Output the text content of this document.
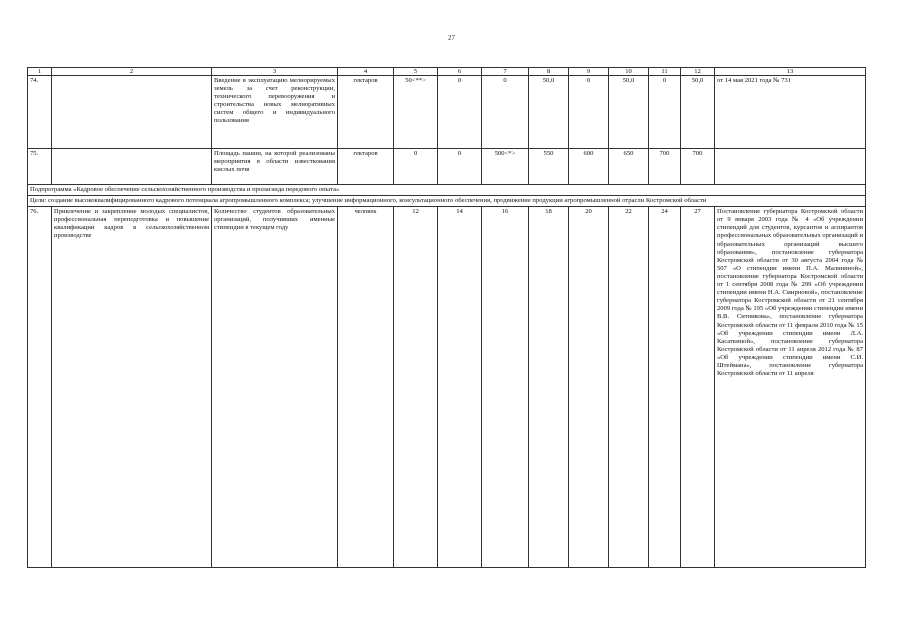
27
1	2	3	4	5	6	7	8	9	10	11	12	13
74.		Введение в эксплуатацию мелиорируемых земель за счет реконструкции, технического перевооружения и строительства новых мелиоративных систем общего и индивидуального пользования	гектаров	50<**>	0	0	50,0	0	50,0	0	50,0	от 14 мая 2021 года № 731
75.		Площадь пашни, на которой реализованы мероприятия в области известкования кислых почв	гектаров	0	0	500<*>	550	600	650	700	700	
Подпрограмма «Кадровое обеспечение сельскохозяйственного производства и пропаганда передового опыта»												
Цели: создание высококвалифицированного кадрового потенциала агропромышленного комплекса; улучшение информационного, консультационного обеспечения, продвижение продукции агропромышленной отрасли Костромской области												
76.	Привлечение и закрепление молодых специалистов, профессиональная переподготовка и повышение квалификации кадров в сельскохозяйственном производстве	Количество студентов образовательных организаций, получивших именные стипендии в текущем году	человек	12	14	16	18	20	22	24	27	Постановление губернатора Костромской области от 9 января 2003 года № 4 «Об учреждении стипендий для студентов, курсантов и аспирантов профессиональных образовательных организаций и образовательных организаций высшего образования», постановление губернатора Костромской области от 30 августа 2004 года № 507 «О стипендии имени П.А. Малининой», постановление губернатора Костромской области от 1 сентября 2008 года № 299 «Об учреждении стипендии имени Н.А. Смирновой», постановление губернатора Костромской области от 21 сентября 2009 года № 195 «Об учреждении стипендии имени В.В. Ситникова», постановление губернатора Костромской области от 11 февраля 2010 года № 15 «Об учреждении стипендии имени Л.А. Касаткиной», постановление губернатора Костромской области от 11 апреля 2012 года № 87 «Об учреждении стипендии имени С.И. Штеймана», постановление губернатора Костромской области от 11 апреля
